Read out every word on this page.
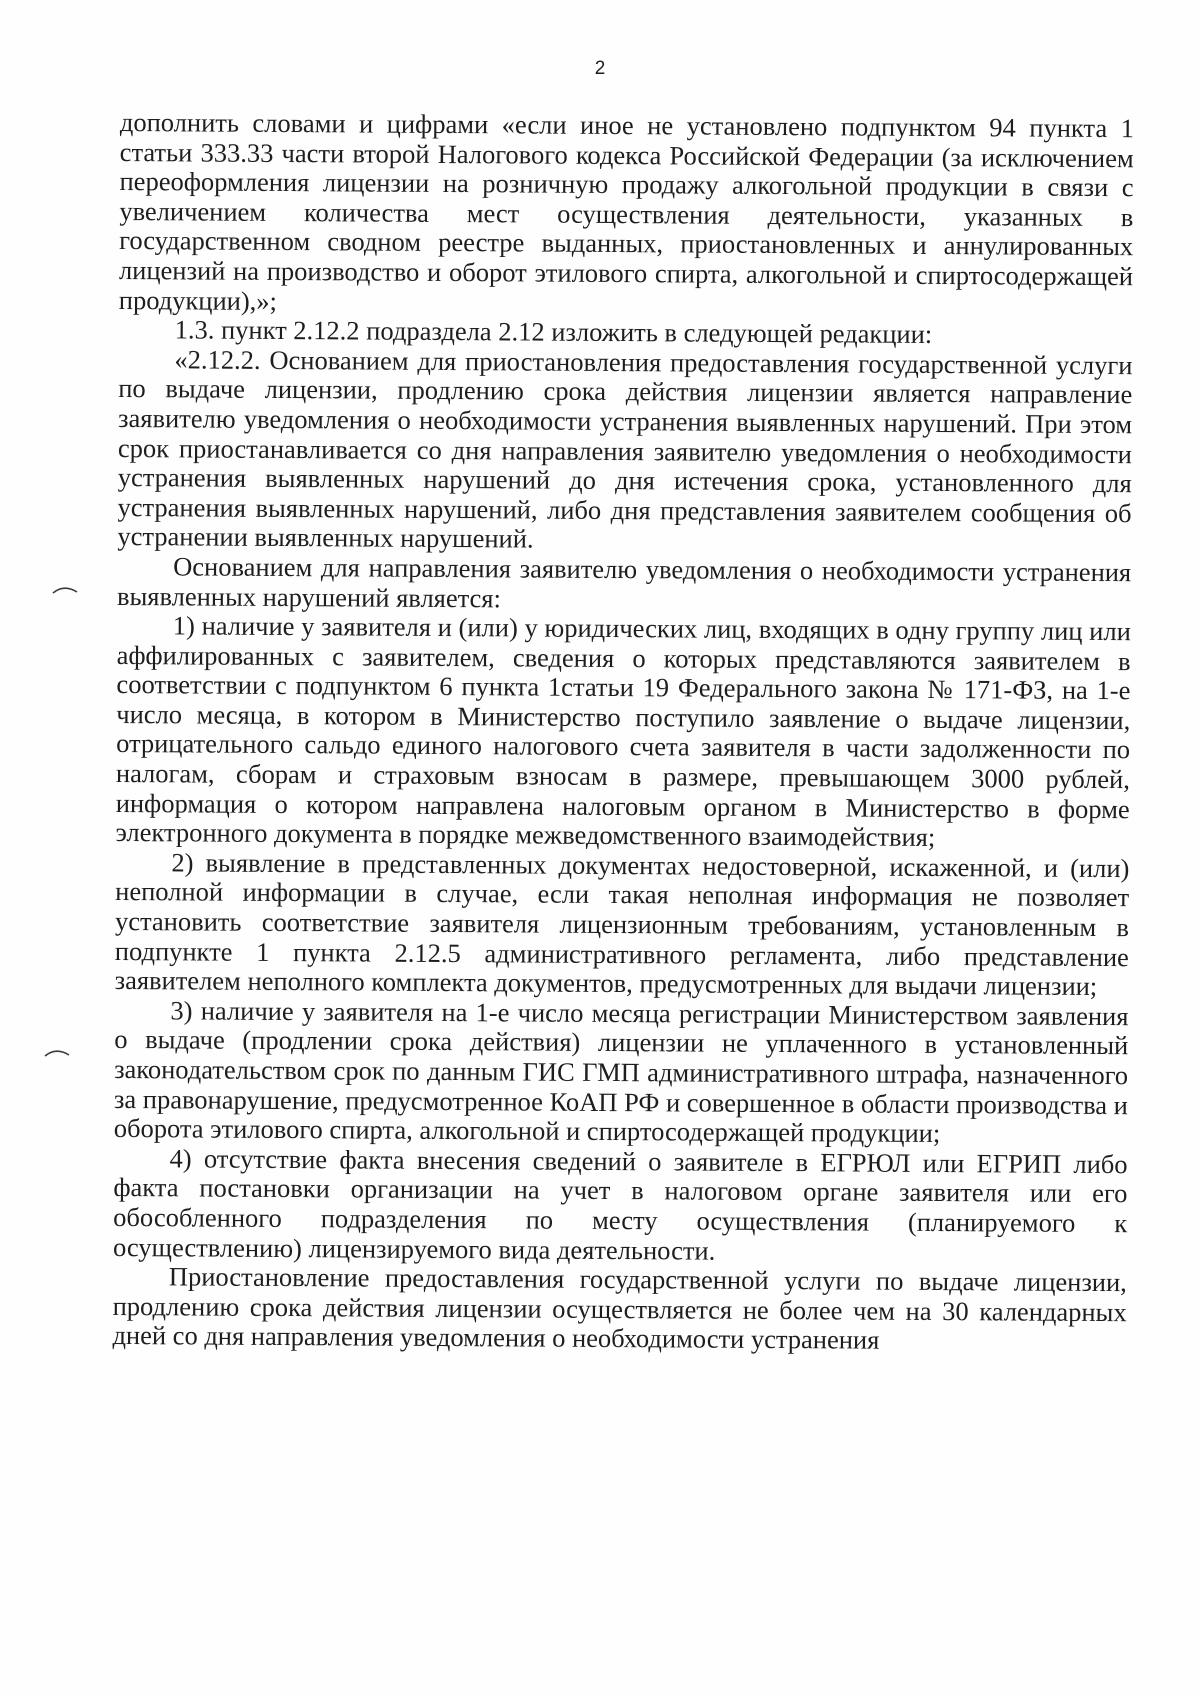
2

дополнить словами и цифрами «если иное не установлено подпунктом 94 пункта 1 статьи 333.33 части второй Налогового кодекса Российской Федерации (за исключением переоформления лицензии на розничную продажу алкогольной продукции в связи с увеличением количества мест осуществления деятельности, указанных в государственном сводном реестре выданных, приостановленных и аннулированных лицензий на производство и оборот этилового спирта, алкогольной и спиртосодержащей продукции),»;

1.3. пункт 2.12.2 подраздела 2.12 изложить в следующей редакции:

«2.12.2. Основанием для приостановления предоставления государственной услуги по выдаче лицензии, продлению срока действия лицензии является направление заявителю уведомления о необходимости устранения выявленных нарушений. При этом срок приостанавливается со дня направления заявителю уведомления о необходимости устранения выявленных нарушений до дня истечения срока, установленного для устранения выявленных нарушений, либо дня представления заявителем сообщения об устранении выявленных нарушений.

Основанием для направления заявителю уведомления о необходимости устранения выявленных нарушений является:

1) наличие у заявителя и (или) у юридических лиц, входящих в одну группу лиц или аффилированных с заявителем, сведения о которых представляются заявителем в соответствии с подпунктом 6 пункта 1статьи 19 Федерального закона № 171-ФЗ, на 1-е число месяца, в котором в Министерство поступило заявление о выдаче лицензии, отрицательного сальдо единого налогового счета заявителя в части задолженности по налогам, сборам и страховым взносам в размере, превышающем 3000 рублей, информация о котором направлена налоговым органом в Министерство в форме электронного документа в порядке межведомственного взаимодействия;

2) выявление в представленных документах недостоверной, искаженной, и (или) неполной информации в случае, если такая неполная информация не позволяет установить соответствие заявителя лицензионным требованиям, установленным в подпункте 1 пункта 2.12.5 административного регламента, либо представление заявителем неполного комплекта документов, предусмотренных для выдачи лицензии;

3) наличие у заявителя на 1-е число месяца регистрации Министерством заявления о выдаче (продлении срока действия) лицензии не уплаченного в установленный законодательством срок по данным ГИС ГМП административного штрафа, назначенного за правонарушение, предусмотренное КоАП РФ и совершенное в области производства и оборота этилового спирта, алкогольной и спиртосодержащей продукции;

4) отсутствие факта внесения сведений о заявителе в ЕГРЮЛ или ЕГРИП либо факта постановки организации на учет в налоговом органе заявителя или его обособленного подразделения по месту осуществления (планируемого к осуществлению) лицензируемого вида деятельности.

Приостановление предоставления государственной услуги по выдаче лицензии, продлению срока действия лицензии осуществляется не более чем на 30 календарных дней со дня направления уведомления о необходимости устранения
